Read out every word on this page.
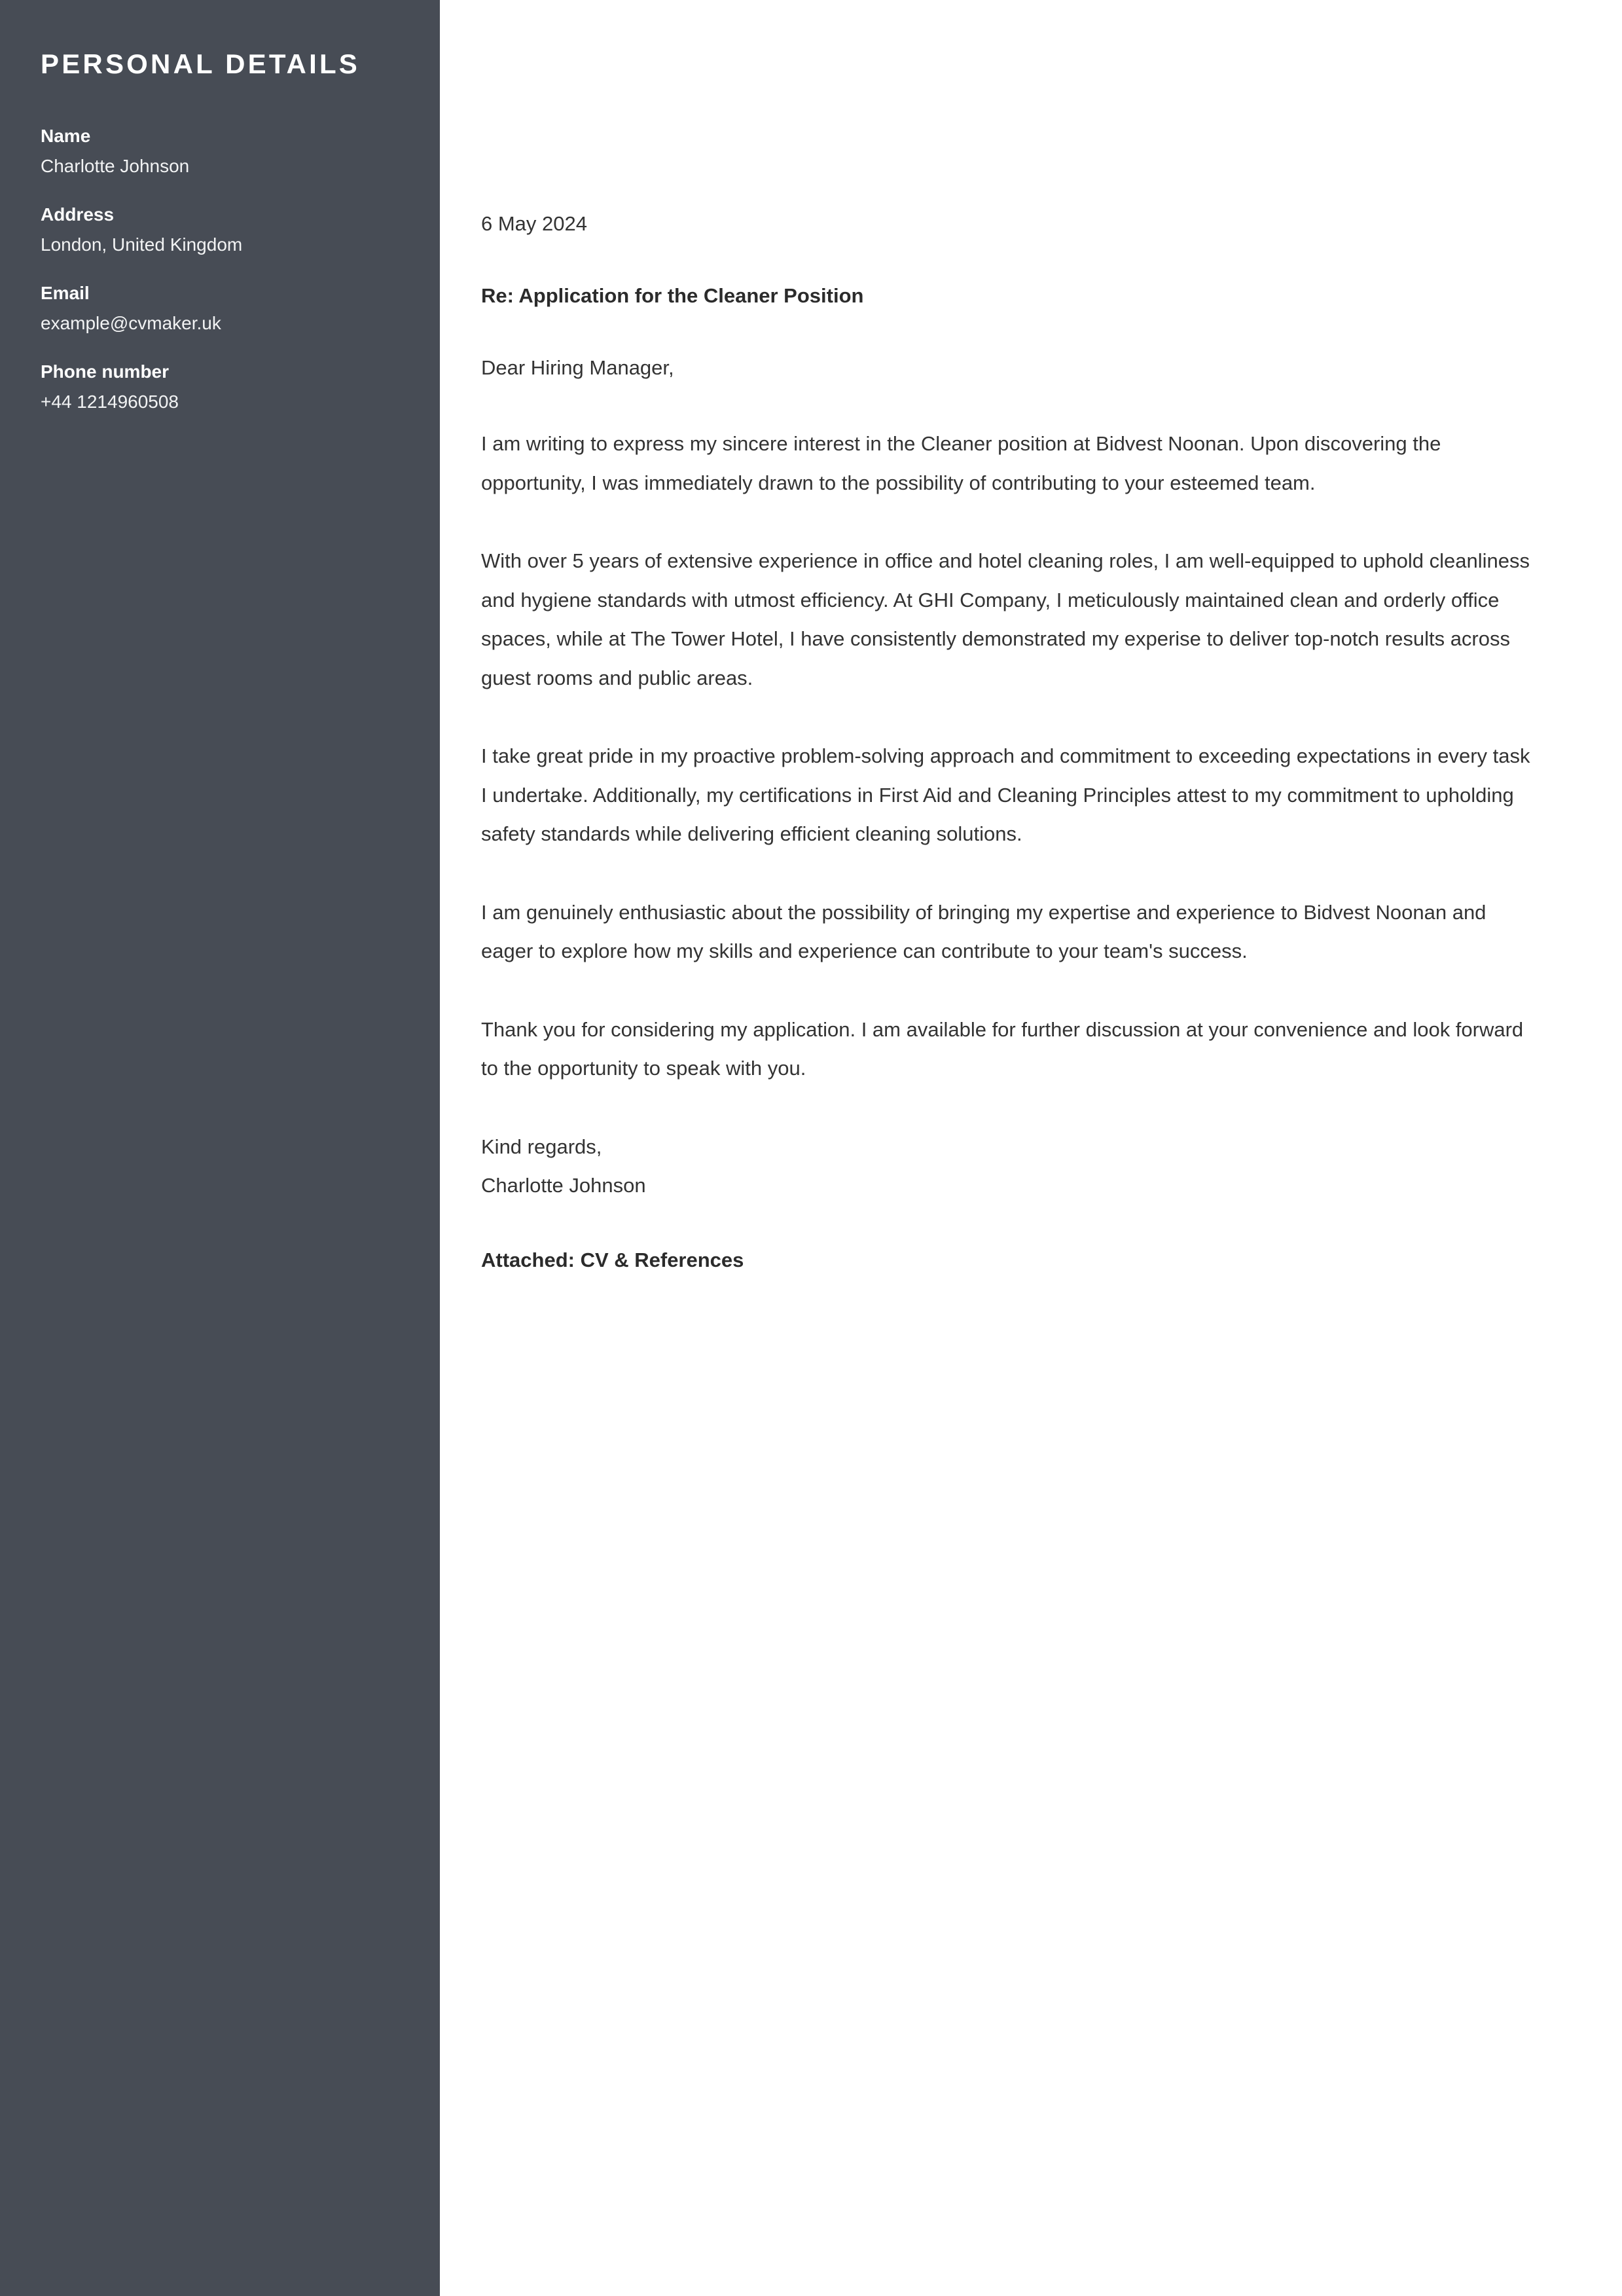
PERSONAL DETAILS
Name
Charlotte Johnson
Address
London, United Kingdom
Email
example@cvmaker.uk
Phone number
+44 1214960508

6 May 2024

Re: Application for the Cleaner Position

Dear Hiring Manager,

I am writing to express my sincere interest in the Cleaner position at Bidvest Noonan. Upon discovering the opportunity, I was immediately drawn to the possibility of contributing to your esteemed team.

With over 5 years of extensive experience in office and hotel cleaning roles, I am well-equipped to uphold cleanliness and hygiene standards with utmost efficiency. At GHI Company, I meticulously maintained clean and orderly office spaces, while at The Tower Hotel, I have consistently demonstrated my experise to deliver top-notch results across guest rooms and public areas.

I take great pride in my proactive problem-solving approach and commitment to exceeding expectations in every task I undertake. Additionally, my certifications in First Aid and Cleaning Principles attest to my commitment to upholding safety standards while delivering efficient cleaning solutions.

I am genuinely enthusiastic about the possibility of bringing my expertise and experience to Bidvest Noonan and eager to explore how my skills and experience can contribute to your team's success.

Thank you for considering my application. I am available for further discussion at your convenience and look forward to the opportunity to speak with you.

Kind regards,
Charlotte Johnson

Attached: CV & References
